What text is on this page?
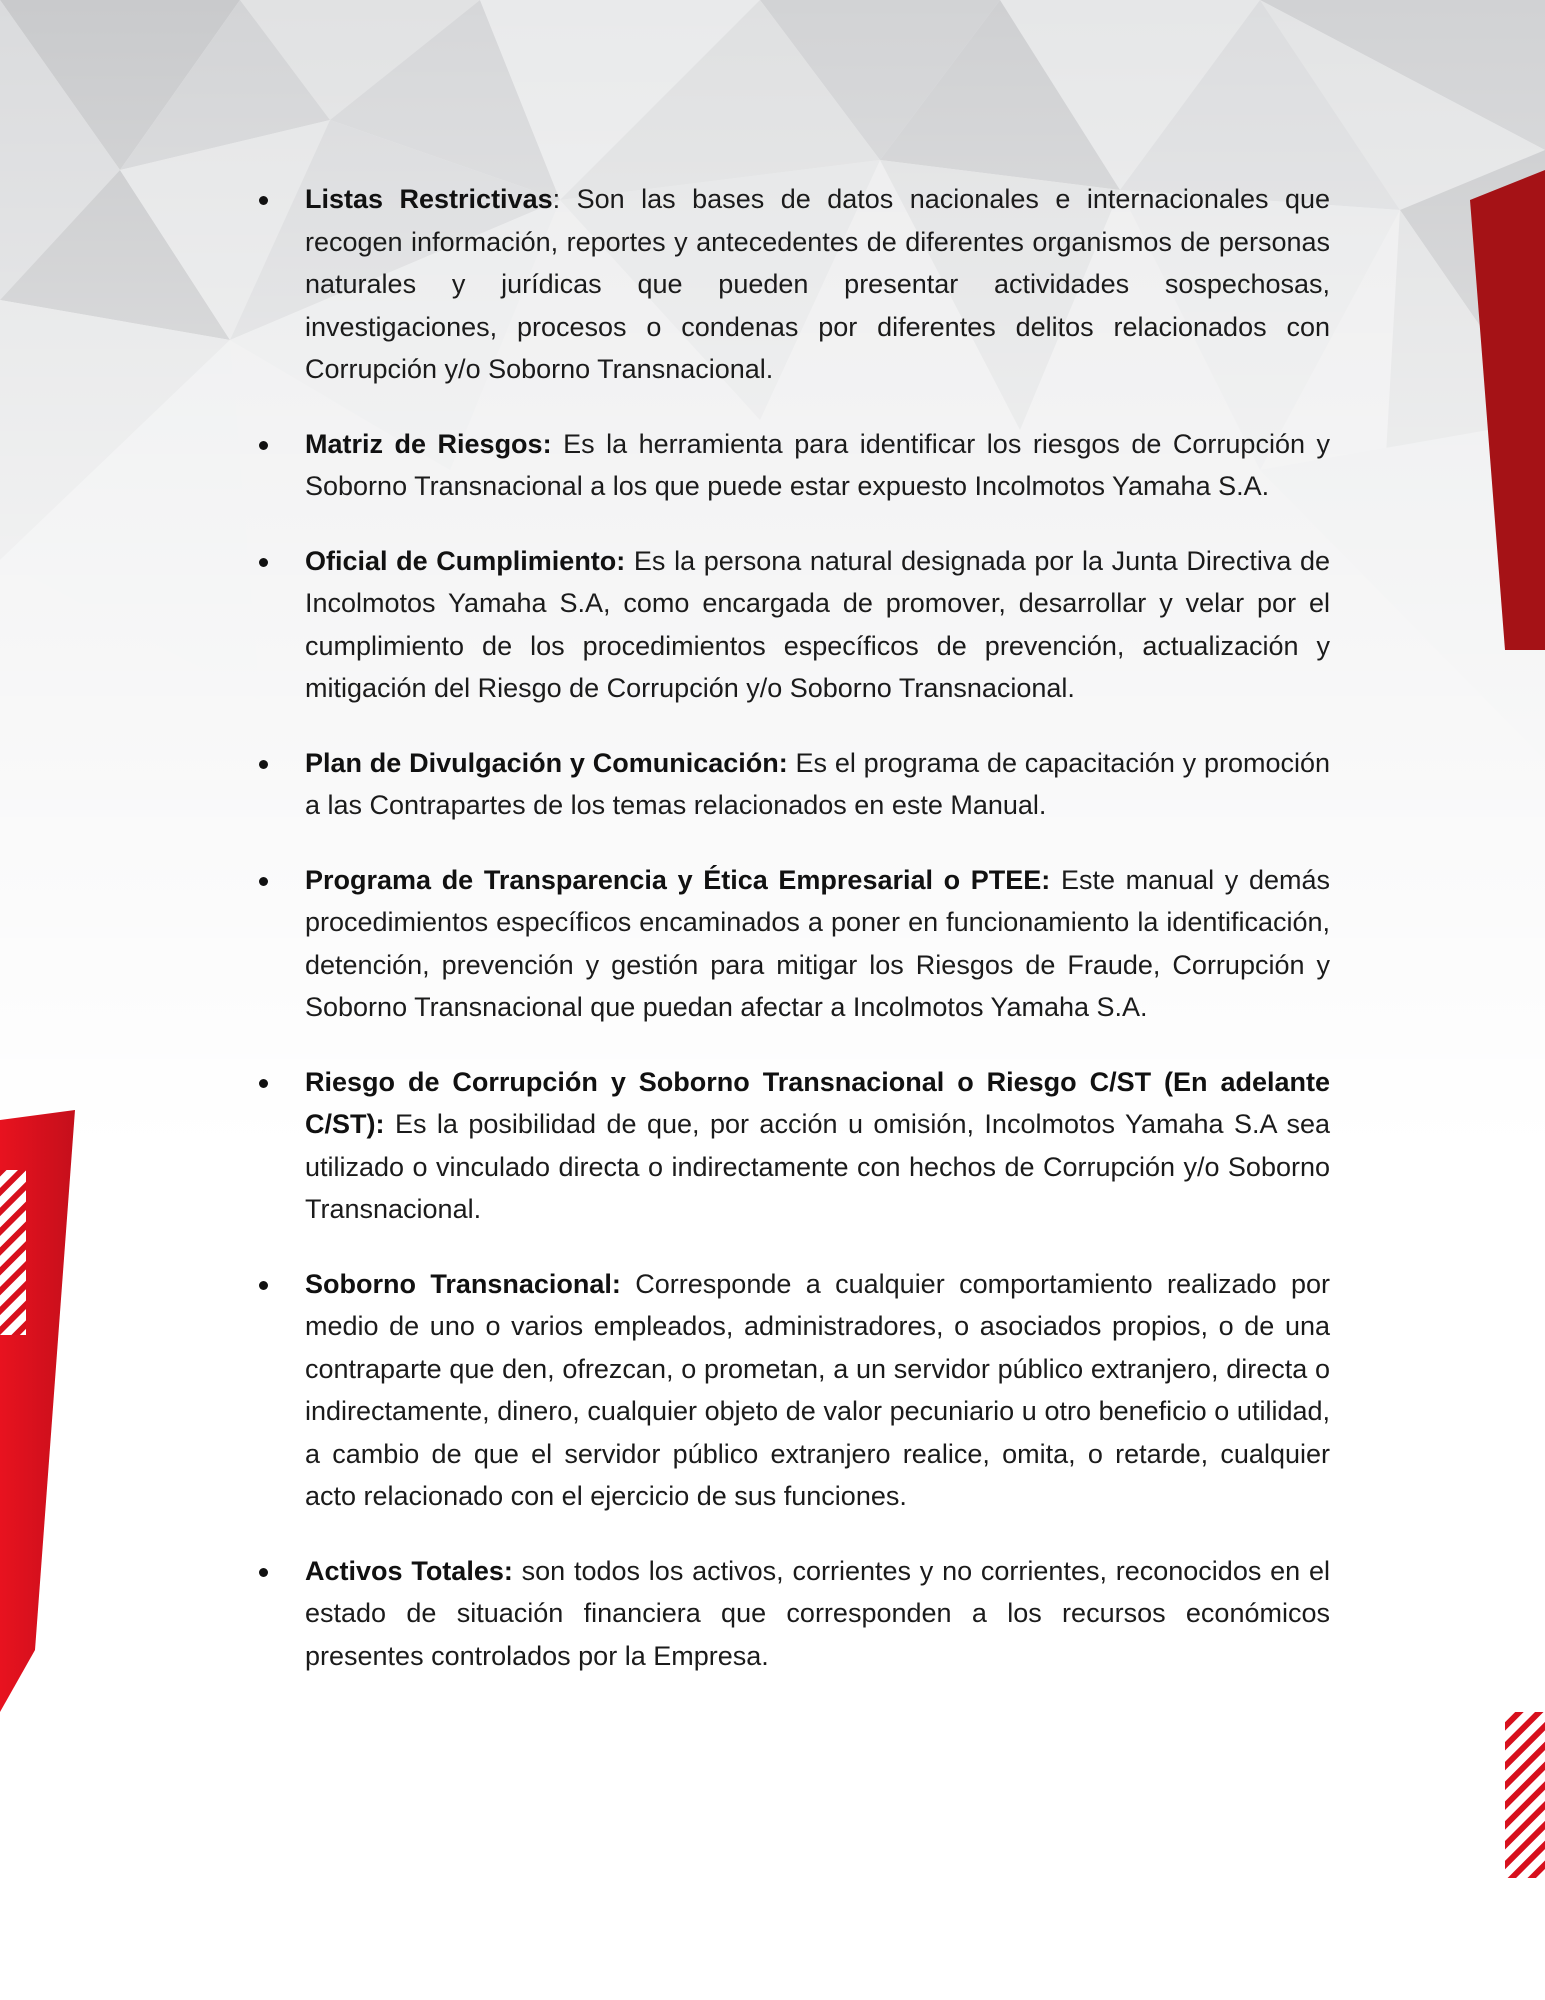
Listas Restrictivas: Son las bases de datos nacionales e internacionales que recogen información, reportes y antecedentes de diferentes organismos de personas naturales y jurídicas que pueden presentar actividades sospechosas, investigaciones, procesos o condenas por diferentes delitos relacionados con Corrupción y/o Soborno Transnacional.
Matriz de Riesgos: Es la herramienta para identificar los riesgos de Corrupción y Soborno Transnacional a los que puede estar expuesto Incolmotos Yamaha S.A.
Oficial de Cumplimiento: Es la persona natural designada por la Junta Directiva de Incolmotos Yamaha S.A, como encargada de promover, desarrollar y velar por el cumplimiento de los procedimientos específicos de prevención, actualización y mitigación del Riesgo de Corrupción y/o Soborno Transnacional.
Plan de Divulgación y Comunicación: Es el programa de capacitación y promoción a las Contrapartes de los temas relacionados en este Manual.
Programa de Transparencia y Ética Empresarial o PTEE: Este manual y demás procedimientos específicos encaminados a poner en funcionamiento la identificación, detención, prevención y gestión para mitigar los Riesgos de Fraude, Corrupción y Soborno Transnacional que puedan afectar a Incolmotos Yamaha S.A.
Riesgo de Corrupción y Soborno Transnacional o Riesgo C/ST (En adelante C/ST): Es la posibilidad de que, por acción u omisión, Incolmotos Yamaha S.A sea utilizado o vinculado directa o indirectamente con hechos de Corrupción y/o Soborno Transnacional.
Soborno Transnacional: Corresponde a cualquier comportamiento realizado por medio de uno o varios empleados, administradores, o asociados propios, o de una contraparte que den, ofrezcan, o prometan, a un servidor público extranjero, directa o indirectamente, dinero, cualquier objeto de valor pecuniario u otro beneficio o utilidad, a cambio de que el servidor público extranjero realice, omita, o retarde, cualquier acto relacionado con el ejercicio de sus funciones.
Activos Totales: son todos los activos, corrientes y no corrientes, reconocidos en el estado de situación financiera que corresponden a los recursos económicos presentes controlados por la Empresa.
